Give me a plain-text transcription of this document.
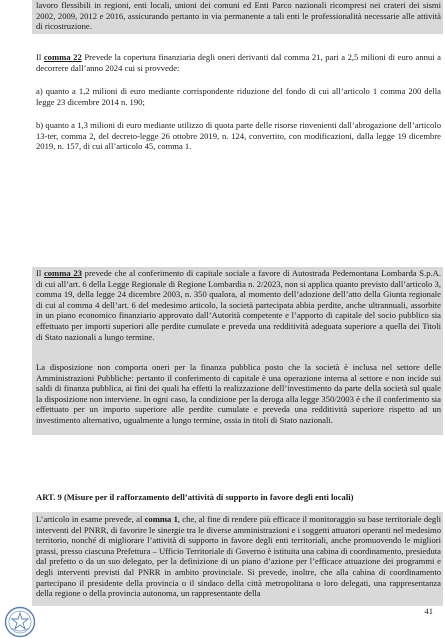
lavoro flessibili in regioni, enti locali, unioni dei comuni ed Enti Parco nazionali ricompresi nei crateri dei sismi 2002, 2009, 2012 e 2016, assicurando pertanto in via permanente a tali enti le professionalità necessarie alle attività di ricostruzione.

Il comma 22 Prevede la copertura finanziaria degli oneri derivanti dal comma 21, pari a 2,5 milioni di euro annui a decorrere dall’anno 2024 cui si provvede:

a) quanto a 1,2 milioni di euro mediante corrispondente riduzione del fondo di cui all’articolo 1 comma 200 della legge 23 dicembre 2014 n. 190;

b) quanto a 1,3 milioni di euro mediante utilizzo di quota parte delle risorse rinvenienti dall’abrogazione dell’articolo 13-ter, comma 2, del decreto-legge 26 ottobre 2019, n. 124, convertito, con modificazioni, dalla legge 19 dicembre 2019, n. 157, di cui all’articolo 45, comma 1.

Il comma 23 prevede che al conferimento di capitale sociale a favore di Autostrada Pedemontana Lombarda S.p.A. di cui all’art. 6 della Legge Regionale di Regione Lombardia n. 2/2023, non si applica quanto previsto dall’articolo 3, comma 19, della legge 24 dicembre 2003, n. 350 qualora, al momento dell’adozione dell’atto della Giunta regionale di cui al comma 4 dell’art. 6 del medesimo articolo, la società partecipata abbia perdite, anche ultrannuali, assorbite in un piano economico finanziario approvato dall’Autorità competente e l’apporto di capitale del socio pubblico sia effettuato per importi superiori alle perdite cumulate e preveda una redditività adeguata superiore a quella dei Titoli di Stato nazionali a lungo termine.

La disposizione non comporta oneri per la finanza pubblica posto che la società è inclusa nel settore delle Amministrazioni Pubbliche: pertanto il conferimento di capitale è una operazione interna al settore e non incide sui saldi di finanza pubblica, ai fini dei quali ha effetti la realizzazione dell’investimento da parte della società sul quale la disposizione non interviene. In ogni caso, la condizione per la deroga alla legge 350/2003 è che il conferimento sia effettuato per un importo superiore alle perdite cumulate e preveda una redditività superiore rispetto ad un investimento alternativo, ugualmente a lungo termine, ossia in titoli di Stato nazionali.

ART. 9 (Misure per il rafforzamento dell’attività di supporto in favore degli enti locali)

L’articolo in esame prevede, al comma 1, che, al fine di rendere più efficace il monitoraggio su base territoriale degli interventi del PNRR, di favorire le sinergie tra le diverse amministrazioni e i soggetti attuatori operanti nel medesimo territorio, nonché di migliorare l’attività di supporto in favore degli enti territoriali, anche promuovendo le migliori prassi, presso ciascuna Prefettura – Ufficio Territoriale di Governo è istituita una cabina di coordinamento, presieduta dal prefetto o da un suo delegato, per la definizione di un piano d’azione per l’efficace attuazione dei programmi e degli interventi previsti dal PNRR in ambito provinciale. Si prevede, inoltre, che alla cabina di coordinamento partecipano il presidente della provincia o il sindaco della città metropolitana o loro delegati, una rappresentanza della regione o della provincia autonoma, un rappresentante della

41
